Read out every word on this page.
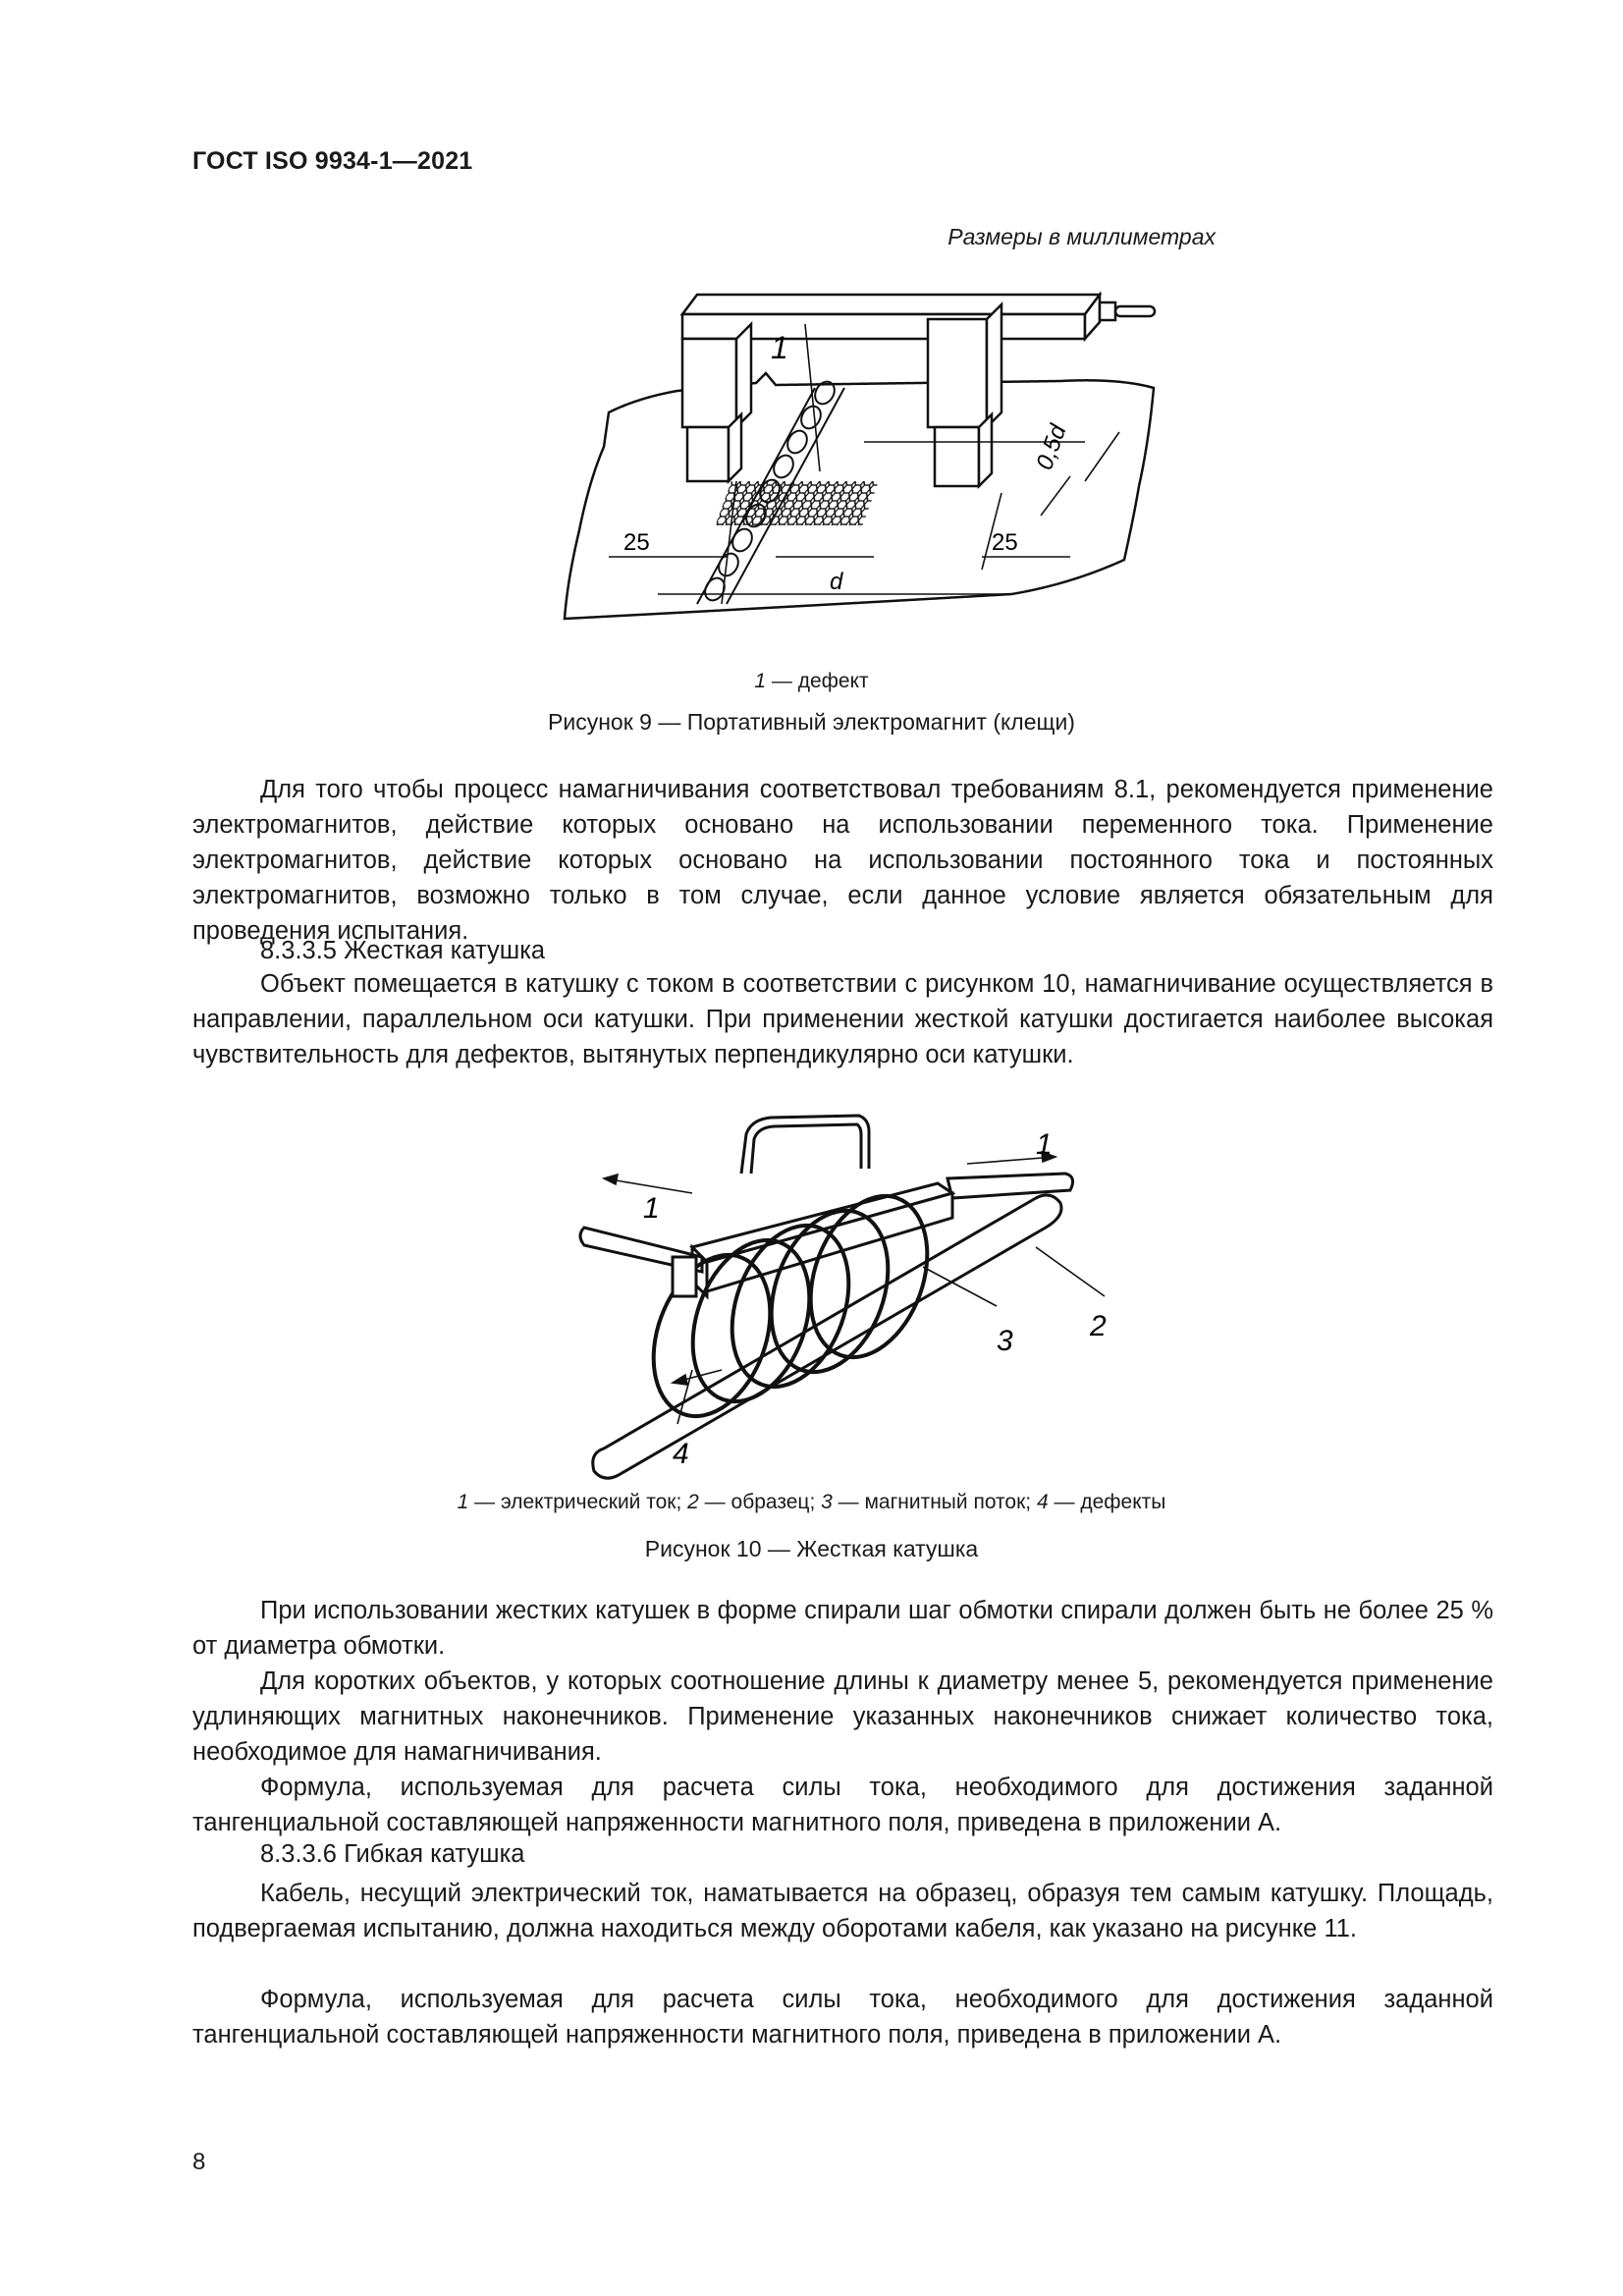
ГОСТ ISO 9934-1—2021
Размеры в миллиметрах
1
25	25
d
0,5d
1 — дефект
Рисунок 9 — Портативный электромагнит (клещи)

Для того чтобы процесс намагничивания соответствовал требованиям 8.1, рекомендуется применение электромагнитов, действие которых основано на использовании переменного тока. Применение электромагнитов, действие которых основано на использовании постоянного тока и постоянных электромагнитов, возможно только в том случае, если данное условие является обязательным для проведения испытания.

8.3.3.5 Жесткая катушка

Объект помещается в катушку с током в соответствии с рисунком 10, намагничивание осуществляется в направлении, параллельном оси катушки. При применении жесткой катушки достигается наиболее высокая чувствительность для дефектов, вытянутых перпендикулярно оси катушки.

1
1
2
3
4
1 — электрический ток; 2 — образец; 3 — магнитный поток; 4 — дефекты
Рисунок 10 — Жесткая катушка

При использовании жестких катушек в форме спирали шаг обмотки спирали должен быть не более 25 % от диаметра обмотки.

Для коротких объектов, у которых соотношение длины к диаметру менее 5, рекомендуется применение удлиняющих магнитных наконечников. Применение указанных наконечников снижает количество тока, необходимое для намагничивания.

Формула, используемая для расчета силы тока, необходимого для достижения заданной тангенциальной составляющей напряженности магнитного поля, приведена в приложении А.

8.3.3.6 Гибкая катушка

Кабель, несущий электрический ток, наматывается на образец, образуя тем самым катушку. Площадь, подвергаемая испытанию, должна находиться между оборотами кабеля, как указано на рисунке 11.

Формула, используемая для расчета силы тока, необходимого для достижения заданной тангенциальной составляющей напряженности магнитного поля, приведена в приложении А.

8
